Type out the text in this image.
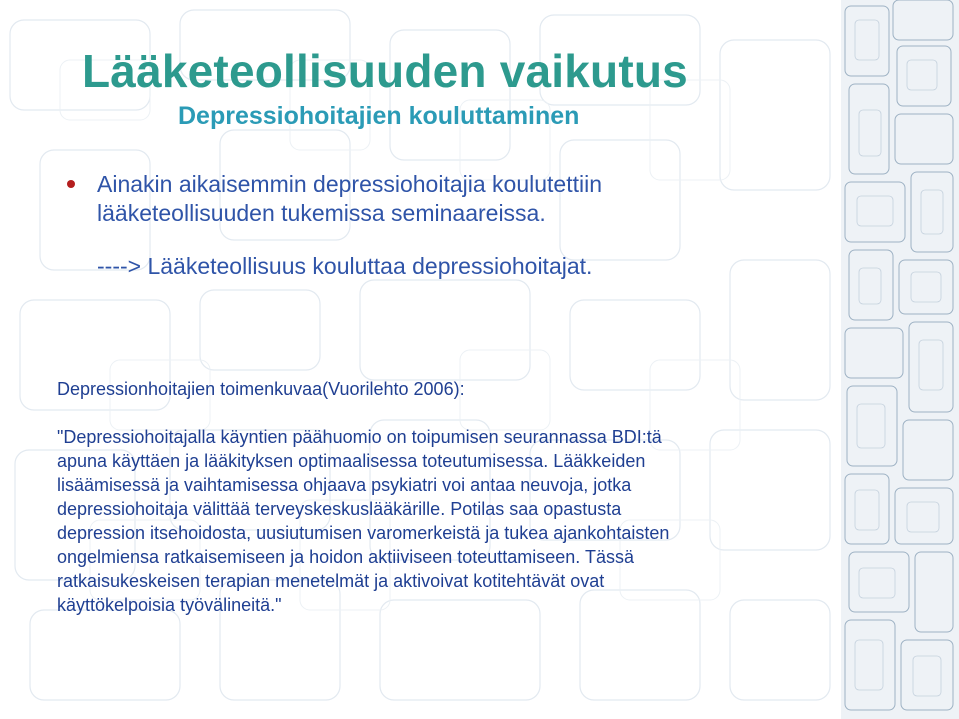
Lääketeollisuuden vaikutus
Depressiohoitajien kouluttaminen
Ainakin aikaisemmin depressiohoitajia koulutettiin
lääketeollisuuden tukemissa seminaareissa.

----> Lääketeollisuus kouluttaa depressiohoitajat.

Depressionhoitajien toimenkuvaa(Vuorilehto 2006):

"Depressiohoitajalla käyntien päähuomio on toipumisen seurannassa BDI:tä
apuna käyttäen ja lääkityksen optimaalisessa toteutumisessa. Lääkkeiden
lisäämisessä ja vaihtamisessa ohjaava psykiatri voi antaa neuvoja, jotka
depressiohoitaja välittää terveyskeskuslääkärille. Potilas saa opastusta
depression itsehoidosta, uusiutumisen varomerkeistä ja tukea ajankohtaisten
ongelmiensa ratkaisemiseen ja hoidon aktiiviseen toteuttamiseen. Tässä
ratkaisukeskeisen terapian menetelmät ja aktivoivat kotitehtävät ovat
käyttökelpoisia työvälineitä."
